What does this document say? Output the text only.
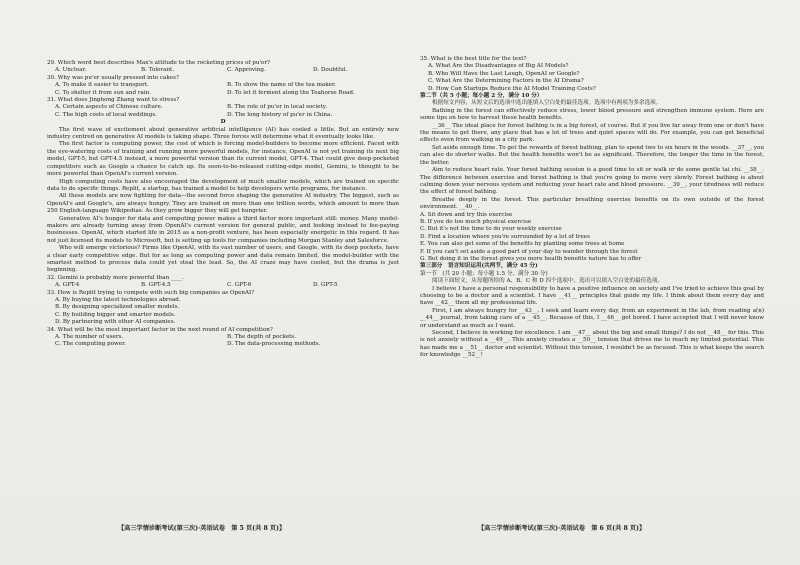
29. Which word best describes Max's attitude to the rocketing prices of pu'er?

A. Unclear.	B. Tolerant.	C. Approving.	D. Doubtful.

30. Why was pu'er usually pressed into cakes?

A. To make it easier to transport.	B. To show the name of the tea maker.
C. To shelter it from sun and rain.	D. To let it ferment along the Teahorse Road.

31. What does Jinghong Zhang want to stress?

A. Certain aspects of Chinese culture.	B. The role of pu'er in local society.
C. The high costs of local weddings.	D. The long history of pu'er in China.

D

The first wave of excitement about generative artificial intelligence (AI) has cooled a little. But an entirely new industry centred on generative AI models is taking shape. Three forces will determine what it eventually looks like.

The first factor is computing power, the cost of which is forcing model-builders to become more efficient. Faced with the eye-watering costs of training and running more powerful models, for instance, OpenAI is not yet training its next big model, GPT-5, but GPT-4.5 instead, a more powerful version than its current model, GPT-4. That could give deep-pocketed competitors such as Google a chance to catch up. Its soon-to-be-released cutting-edge model, Gemini, is thought to be more powerful than OpenAI's current version.

High computing costs have also encouraged the development of much smaller models, which are trained on specific data to do specific things. Replit, a startup, has trained a model to help developers write programs, for instance.

All these models are now fighting for data—the second force shaping the generative AI industry. The biggest, such as OpenAI's and Google's, are always hungry. They are trained on more than one trillion words, which amount to more than 250 English-language Wikipedias. As they grow bigger they will get hungrier.

Generative AI's hunger for data and computing power makes a third factor more important still: money. Many model-makers are already turning away from OpenAI's current version for general public, and looking instead to fee-paying businesses. OpenAI, which started life in 2015 as a non-profit venture, has been especially energetic in this regard. It has not just licensed its models to Microsoft, but is setting up tools for companies including Morgan Stanley and Salesforce.

Who will emerge victorious? Firms like OpenAI, with its vast number of users, and Google, with its deep pockets, have a clear early competitive edge. But for as long as computing power and data remain limited, the model-builder with the smartest method to process data could yet steal the lead. So, the AI craze may have cooled, but the drama is just beginning.

32. Gemini is probably more powerful than ____.

A. GPT-4	B. GPT-4.5	C. GPT-6	D. GPT-5

33. How is Replit trying to compete with such big companies as OpenAI?

A. By buying the latest technologies abroad.
B. By designing specialized smaller models.
C. By building bigger and smarter models.
D. By partnering with other AI companies.

34. What will be the most important factor in the next round of AI competition?

A. The number of users.	B. The depth of pockets.
C. The computing power.	D. The data-processing methods.
【高三学情诊断考试(第三次)·英语试卷　第 5 页(共 8 页)】

35. What is the best title for the text?

A. What Are the Disadvantages of Big AI Models?
B. Who Will Have the Last Laugh, OpenAI or Google?
C. What Are the Determining Factors in the AI Drama?
D. How Can Startups Reduce the AI Model Training Costs?

第二节（共 5 小题；每小题 2 分，满分 10 分）

根据短文内容，从短文后的选项中选出能填入空白处的最佳选项。选项中有两项为多余选项。

Bathing in the forest can effectively reduce stress, lower blood pressure and strengthen immune system. Here are some tips on how to harvest these health benefits.

__36__ The ideal place for forest bathing is in a big forest, of course. But if you live far away from one or don't have the means to get there, any place that has a lot of trees and quiet spaces will do. For example, you can get beneficial effects even from walking in a city park.

Set aside enough time. To get the rewards of forest bathing, plan to spend two to six hours in the woods. __37__, you can also do shorter walks. But the health benefits won't be as significant. Therefore, the longer the time in the forest, the better.

Aim to reduce heart rate. Your forest bathing session is a good time to sit or walk or do some gentle tai chi. __38__. The difference between exercise and forest bathing is that you're going to move very slowly. Forest bathing is about calming down your nervous system and reducing your heart rate and blood pressure. __39__, your tiredness will reduce the effect of forest bathing.

Breathe deeply in the forest. This particular breathing exercise benefits on its own outside of the forest environment. __40__.

A. Sit down and try this exercise
B. If you do too much physical exercise
C. But it's not the time to do your weekly exercise
D. Find a location where you're surrounded by a lot of trees
E. You can also get some of the benefits by planting some trees at home
F. If you can't set aside a good part of your day to wander through the forest
G. But doing it in the forest gives you more health benefits nature has to offer

第三部分　语言知识运用(共两节，满分 45 分)

第一节　(共 20 小题；每小题 1.5 分，满分 30 分)

阅读下面短文，从每题所给的 A、B、C 和 D 四个选项中，选出可以填入空白处的最佳选项。

I believe I have a personal responsibility to have a positive influence on society and I've tried to achieve this goal by choosing to be a doctor and a scientist. I have __41__ principles that guide my life. I think about them every day and have __42__ them all my professional life.

First, I am always hungry for __43__. I seek and learn every day, from an experiment in the lab, from reading a(n) __44__ journal, from taking care of a __45__. Because of this, I __46__ get bored. I have accepted that I will never know or understand as much as I want.

Second, I believe in working for excellence. I am __47__ about the big and small things? I do not __48__ for this. This is not anxiety without a __49__. This anxiety creates a __50__ tension that drives me to reach my limited potential. This has made me a __51__ doctor and scientist. Without this tension, I wouldn't be as focused. This is what keeps the search for knowledge __52__!

【高三学情诊断考试(第三次)·英语试卷　第 6 页(共 8 页)】
